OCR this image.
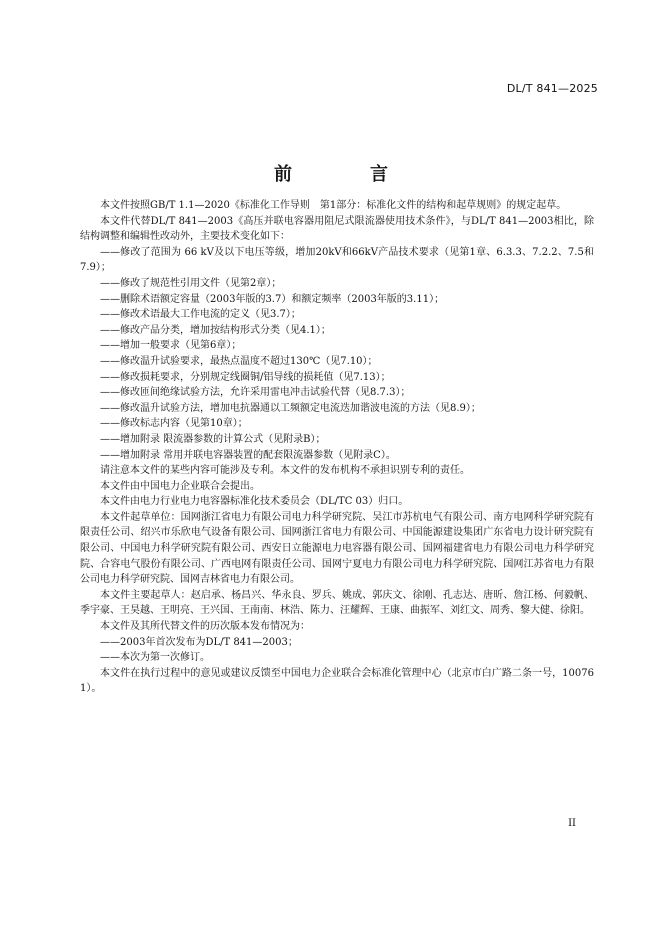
DL/T 841—2025
前　言

本文件按照GB/T 1.1—2020《标准化工作导则　第1部分：标准化文件的结构和起草规则》的规定起草。

本文件代替DL/T 841—2003《高压并联电容器用阻尼式限流器使用技术条件》，与DL/T 841—2003相比，除结构调整和编辑性改动外，主要技术变化如下：

——修改了范围为 66 kV及以下电压等级，增加20kV和66kV产品技术要求（见第1章、6.3.3、7.2.2、7.5和7.9）；

——修改了规范性引用文件（见第2章）；

——删除术语额定容量（2003年版的3.7）和额定频率（2003年版的3.11）；

——修改术语最大工作电流的定义（见3.7）；

——修改产品分类，增加按结构形式分类（见4.1）；

——增加一般要求（见第6章）；

——修改温升试验要求，最热点温度不超过130℃（见7.10）；

——修改损耗要求，分别规定线圈铜/铝导线的损耗值（见7.13）；

——修改匝间绝缘试验方法，允许采用雷电冲击试验代替（见8.7.3）；

——修改温升试验方法，增加电抗器通以工频额定电流迭加谐波电流的方法（见8.9）；

——修改标志内容（见第10章）；

——增加附录 限流器参数的计算公式（见附录B）；

——增加附录 常用并联电容器装置的配套限流器参数（见附录C）。

请注意本文件的某些内容可能涉及专利。本文件的发布机构不承担识别专利的责任。

本文件由中国电力企业联合会提出。

本文件由电力行业电力电容器标准化技术委员会（DL/TC 03）归口。

本文件起草单位：国网浙江省电力有限公司电力科学研究院、吴江市苏杭电气有限公司、南方电网科学研究院有限责任公司、绍兴市乐欣电气设备有限公司、国网浙江省电力有限公司、中国能源建设集团广东省电力设计研究院有限公司、中国电力科学研究院有限公司、西安日立能源电力电容器有限公司、国网福建省电力有限公司电力科学研究院、合容电气股份有限公司、广西电网有限责任公司、国网宁夏电力有限公司电力科学研究院、国网江苏省电力有限公司电力科学研究院、国网吉林省电力有限公司。

本文件主要起草人：赵启承、杨昌兴、华永良、罗兵、姚成、郭庆文、徐刚、孔志达、唐昕、詹江杨、何毅帆、季宇豪、王昊越、王明亮、王兴国、王南南、林浩、陈力、汪耀辉、王康、曲振军、刘红文、周秀、黎大健、徐阳。

本文件及其所代替文件的历次版本发布情况为：

——2003年首次发布为DL/T 841—2003；

——本次为第一次修订。

本文件在执行过程中的意见或建议反馈至中国电力企业联合会标准化管理中心（北京市白广路二条一号，100761）。

II
